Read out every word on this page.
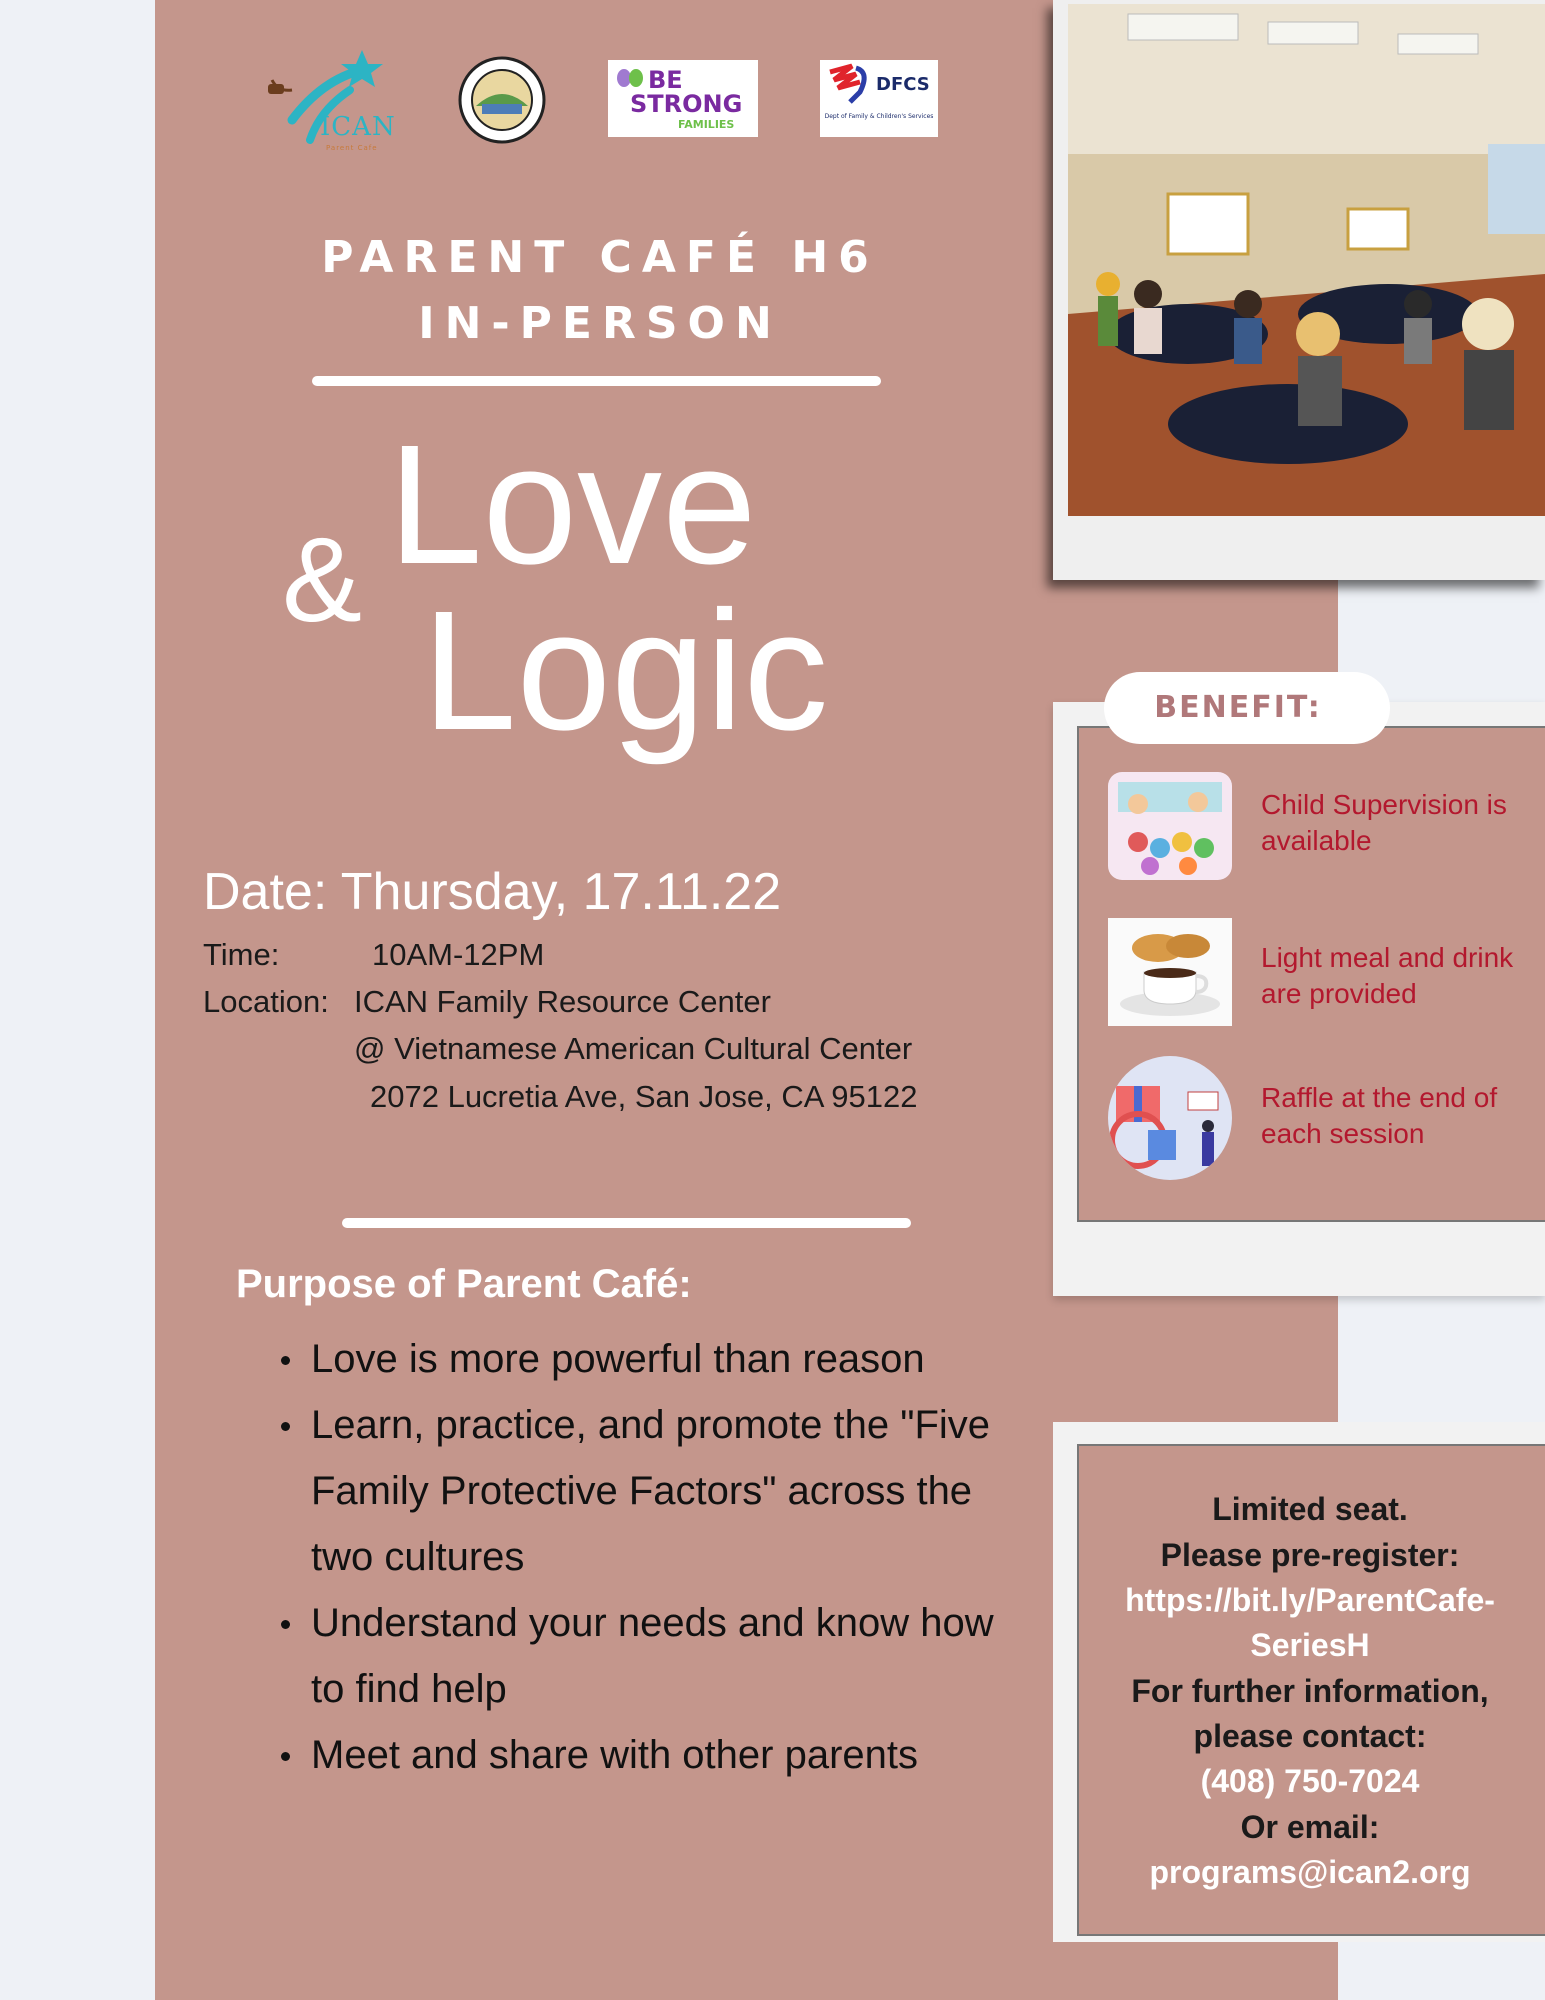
ICAN
Parent Cafe
BE
STRONG
FAMILIES
DFCS
Dept of Family & Children's Services
PARENT CAFÉ H6
IN-PERSON
Love
& Logic
Date: Thursday, 17.11.22
Time:	10AM-12PM
Location: ICAN Family Resource Center
@ Vietnamese American Cultural Center
2072 Lucretia Ave, San Jose, CA 95122
Purpose of Parent Café:
Love is more powerful than reason
Learn, practice, and promote the "Five Family Protective Factors" across the two cultures
Understand your needs and know how to find help
Meet and share with other parents
BENEFIT:
Child Supervision is available
Light meal and drink are provided
Raffle at the end of each session
Limited seat.
Please pre-register:
https://bit.ly/ParentCafe-
SeriesH
For further information,
please contact:
(408) 750-7024
Or email:
programs@ican2.org
